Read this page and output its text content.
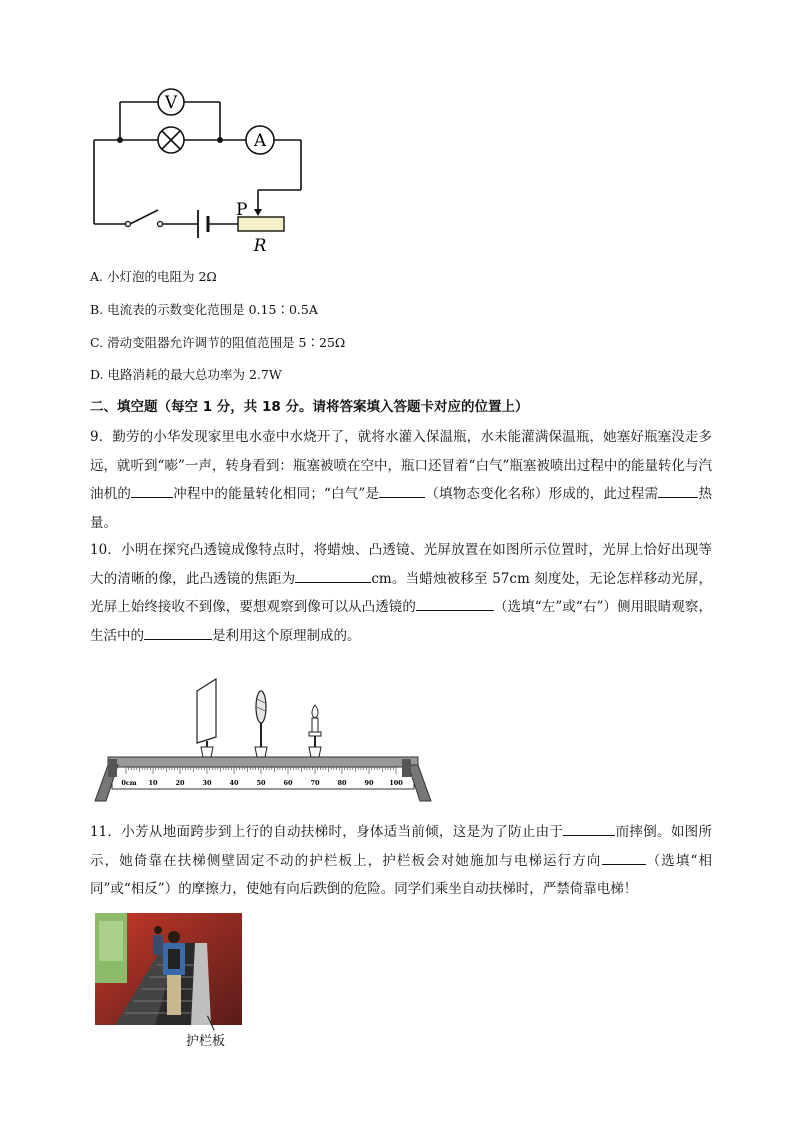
V
A
P
R
A. 小灯泡的电阻为 2Ω
B. 电流表的示数变化范围是 0.15∶0.5A
C. 滑动变阻器允许调节的阻值范围是 5∶25Ω
D. 电路消耗的最大总功率为 2.7W
二、填空题（每空 1 分，共 18 分。请将答案填入答题卡对应的位置上）
9．勤劳的小华发现家里电水壶中水烧开了，就将水灌入保温瓶，水未能灌满保温瓶，她塞好瓶塞没走多远，就听到“嘭”一声，转身看到：瓶塞被喷在空中，瓶口还冒着“白气”瓶塞被喷出过程中的能量转化与汽油机的	冲程中的能量转化相同；“白气”是	（填物态变化名称）形成的，此过程需	热量。
10．小明在探究凸透镜成像特点时，将蜡烛、凸透镜、光屏放置在如图所示位置时，光屏上恰好出现等大的清晰的像，此凸透镜的焦距为	cm。当蜡烛被移至 57cm 刻度处，无论怎样移动光屏，光屏上始终接收不到像，要想观察到像可以从凸透镜的	（选填“左”或“右”）侧用眼睛观察，生活中的	是利用这个原理制成的。
0cm 10	20	30	40	50	60	70	80	90 100
11．小芳从地面跨步到上行的自动扶梯时，身体适当前倾，这是为了防止由于	而摔倒。如图所示，她倚靠在扶梯侧壁固定不动的护栏板上，护栏板会对她施加与电梯运行方向	（选填“相同”或“相反”）的摩擦力，使她有向后跌倒的危险。同学们乘坐自动扶梯时，严禁倚靠电梯！
护栏板
